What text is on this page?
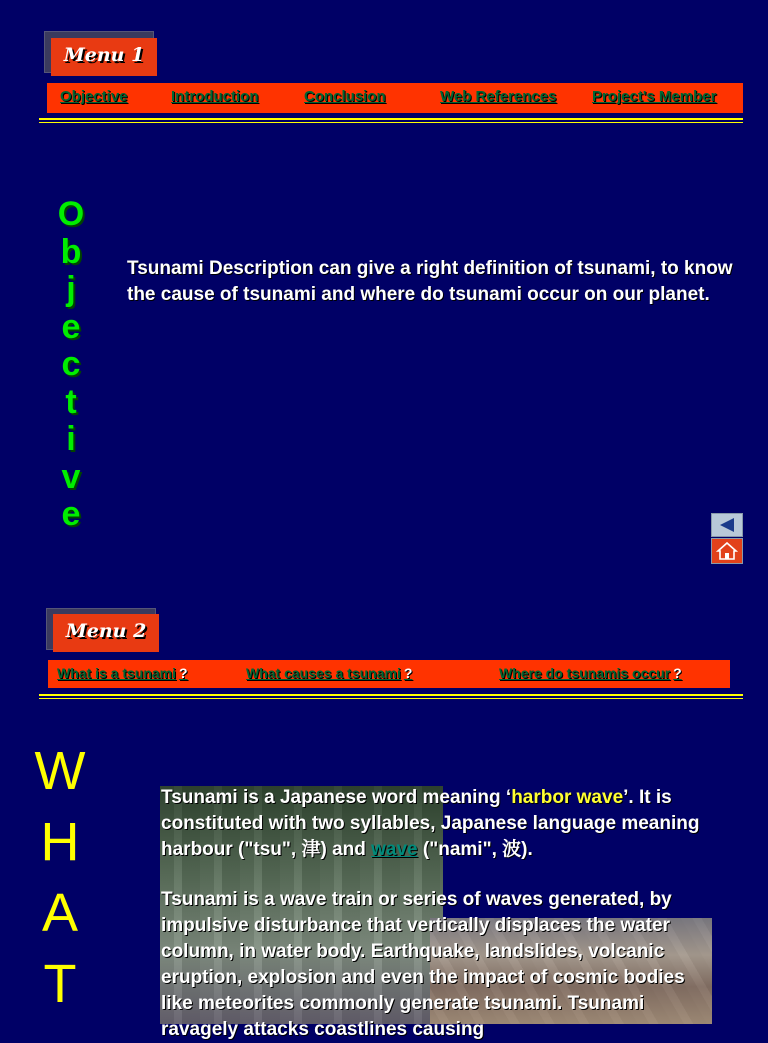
Menu 1
Objective	Introduction	Conclusion	Web References Project's Member
O
b
j
e
c
t
i
v
e
Tsunami Description can give a right definition of tsunami, to know the cause of tsunami and where do tsunami occur on our planet.
Menu 2
What is a tsunami ?	What causes a tsunami ?	Where do tsunamis occur ?
W
H
A
T

Tsunami is a Japanese word meaning ‘harbor wave’. It is constituted with two syllables, Japanese language meaning harbour ("tsu", 津) and wave ("nami", 波).

Tsunami is a wave train or series of waves generated, by impulsive disturbance that vertically displaces the water column, in water body. Earthquake, landslides, volcanic eruption, explosion and even the impact of cosmic bodies like meteorites commonly generate tsunami. Tsunami ravagely attacks coastlines causing
